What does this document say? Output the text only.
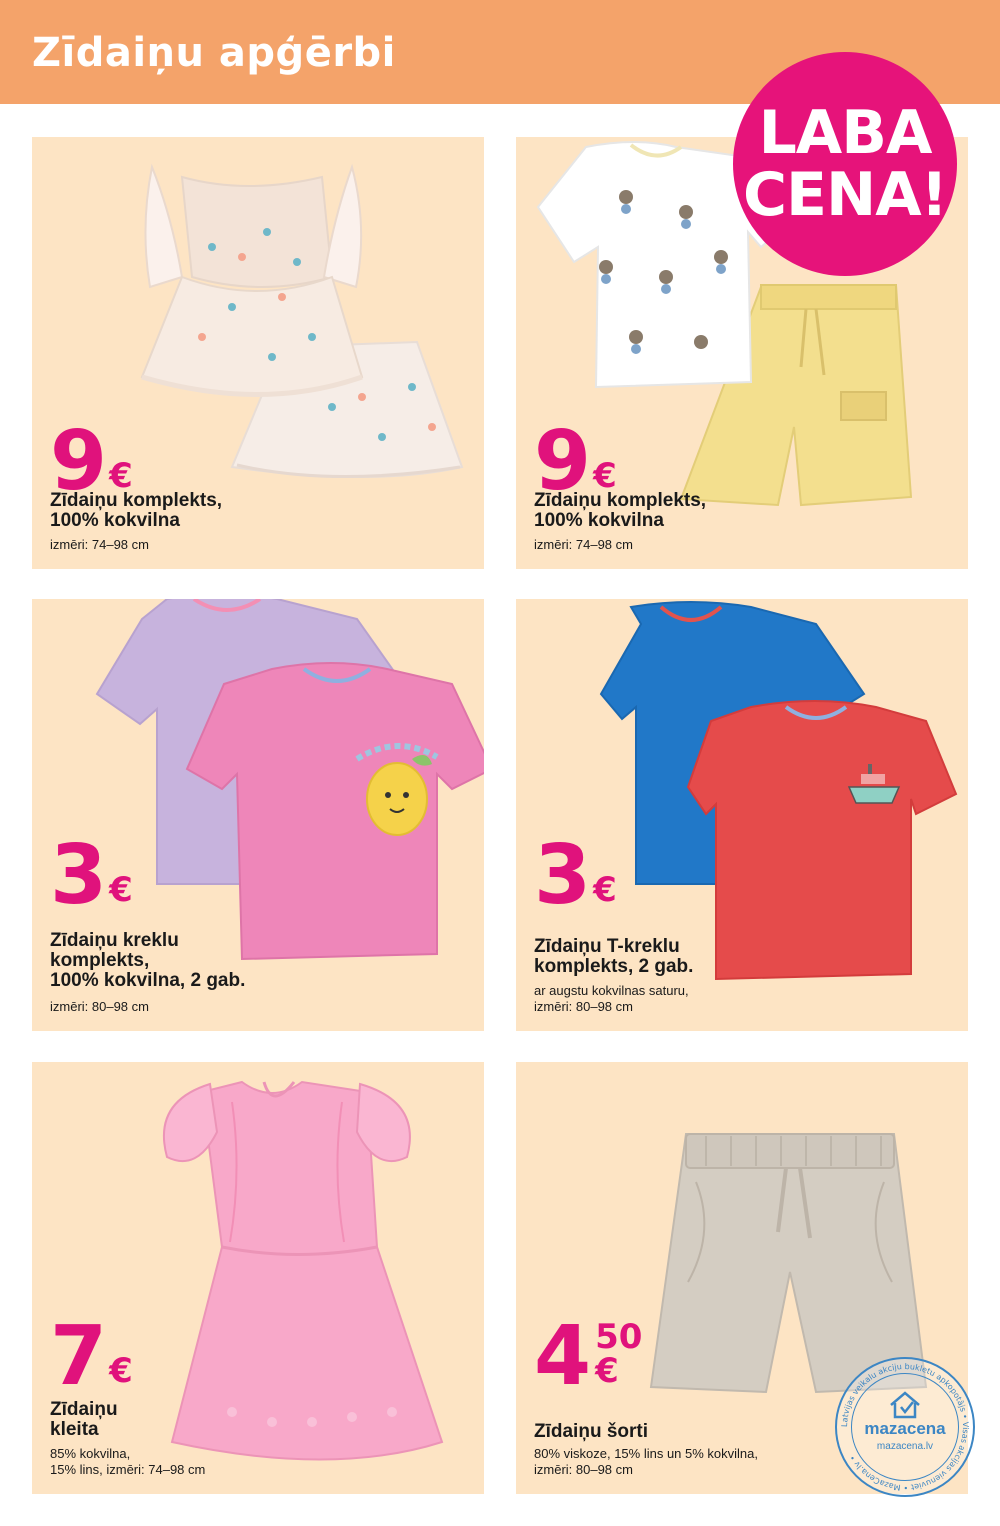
Zīdaiņu apģērbi
LABA
CENA!
9€
Zīdaiņu komplekts,
100% kokvilna
izmēri: 74–98 cm
9€
Zīdaiņu komplekts,
100% kokvilna
izmēri: 74–98 cm
3€
Zīdaiņu kreklu
komplekts,
100% kokvilna, 2 gab.
izmēri: 80–98 cm
3€
Zīdaiņu T-kreklu
komplekts, 2 gab.
ar augstu kokvilnas saturu,
izmēri: 80–98 cm
7€
Zīdaiņu
kleita
85% kokvilna,
15% lins, izmēri: 74–98 cm
4 50
€
Zīdaiņu šorti
80% viskoze, 15% lins un 5% kokvilna,
izmēri: 80–98 cm
Latvijas veikalu akciju bukletu apkopotājs • Visas akcijas vienuviet • MazaCena.lv •
mazacena
mazacena.lv
